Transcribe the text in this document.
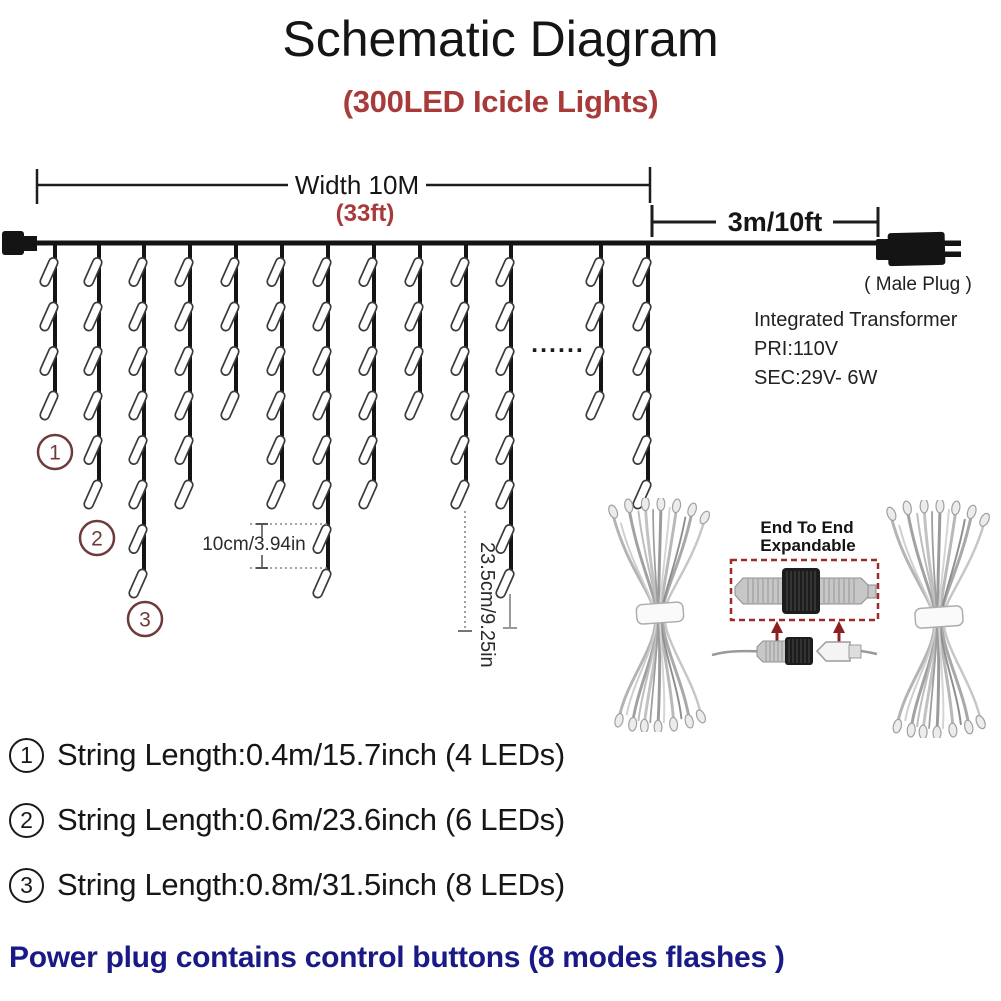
Schematic Diagram
(300LED Icicle Lights)
Width 10M
(33ft)	3m/10ft
( Male Plug )
1
2
3
......
10cm/3.94in	23.5cm/9.25in
End To End
Expandable
Integrated Transformer
PRI:110V
SEC:29V- 6W
1 String Length:0.4m/15.7inch (4 LEDs)
2 String Length:0.6m/23.6inch (6 LEDs)
3 String Length:0.8m/31.5inch (8 LEDs)
Power plug contains control buttons (8 modes flashes )
